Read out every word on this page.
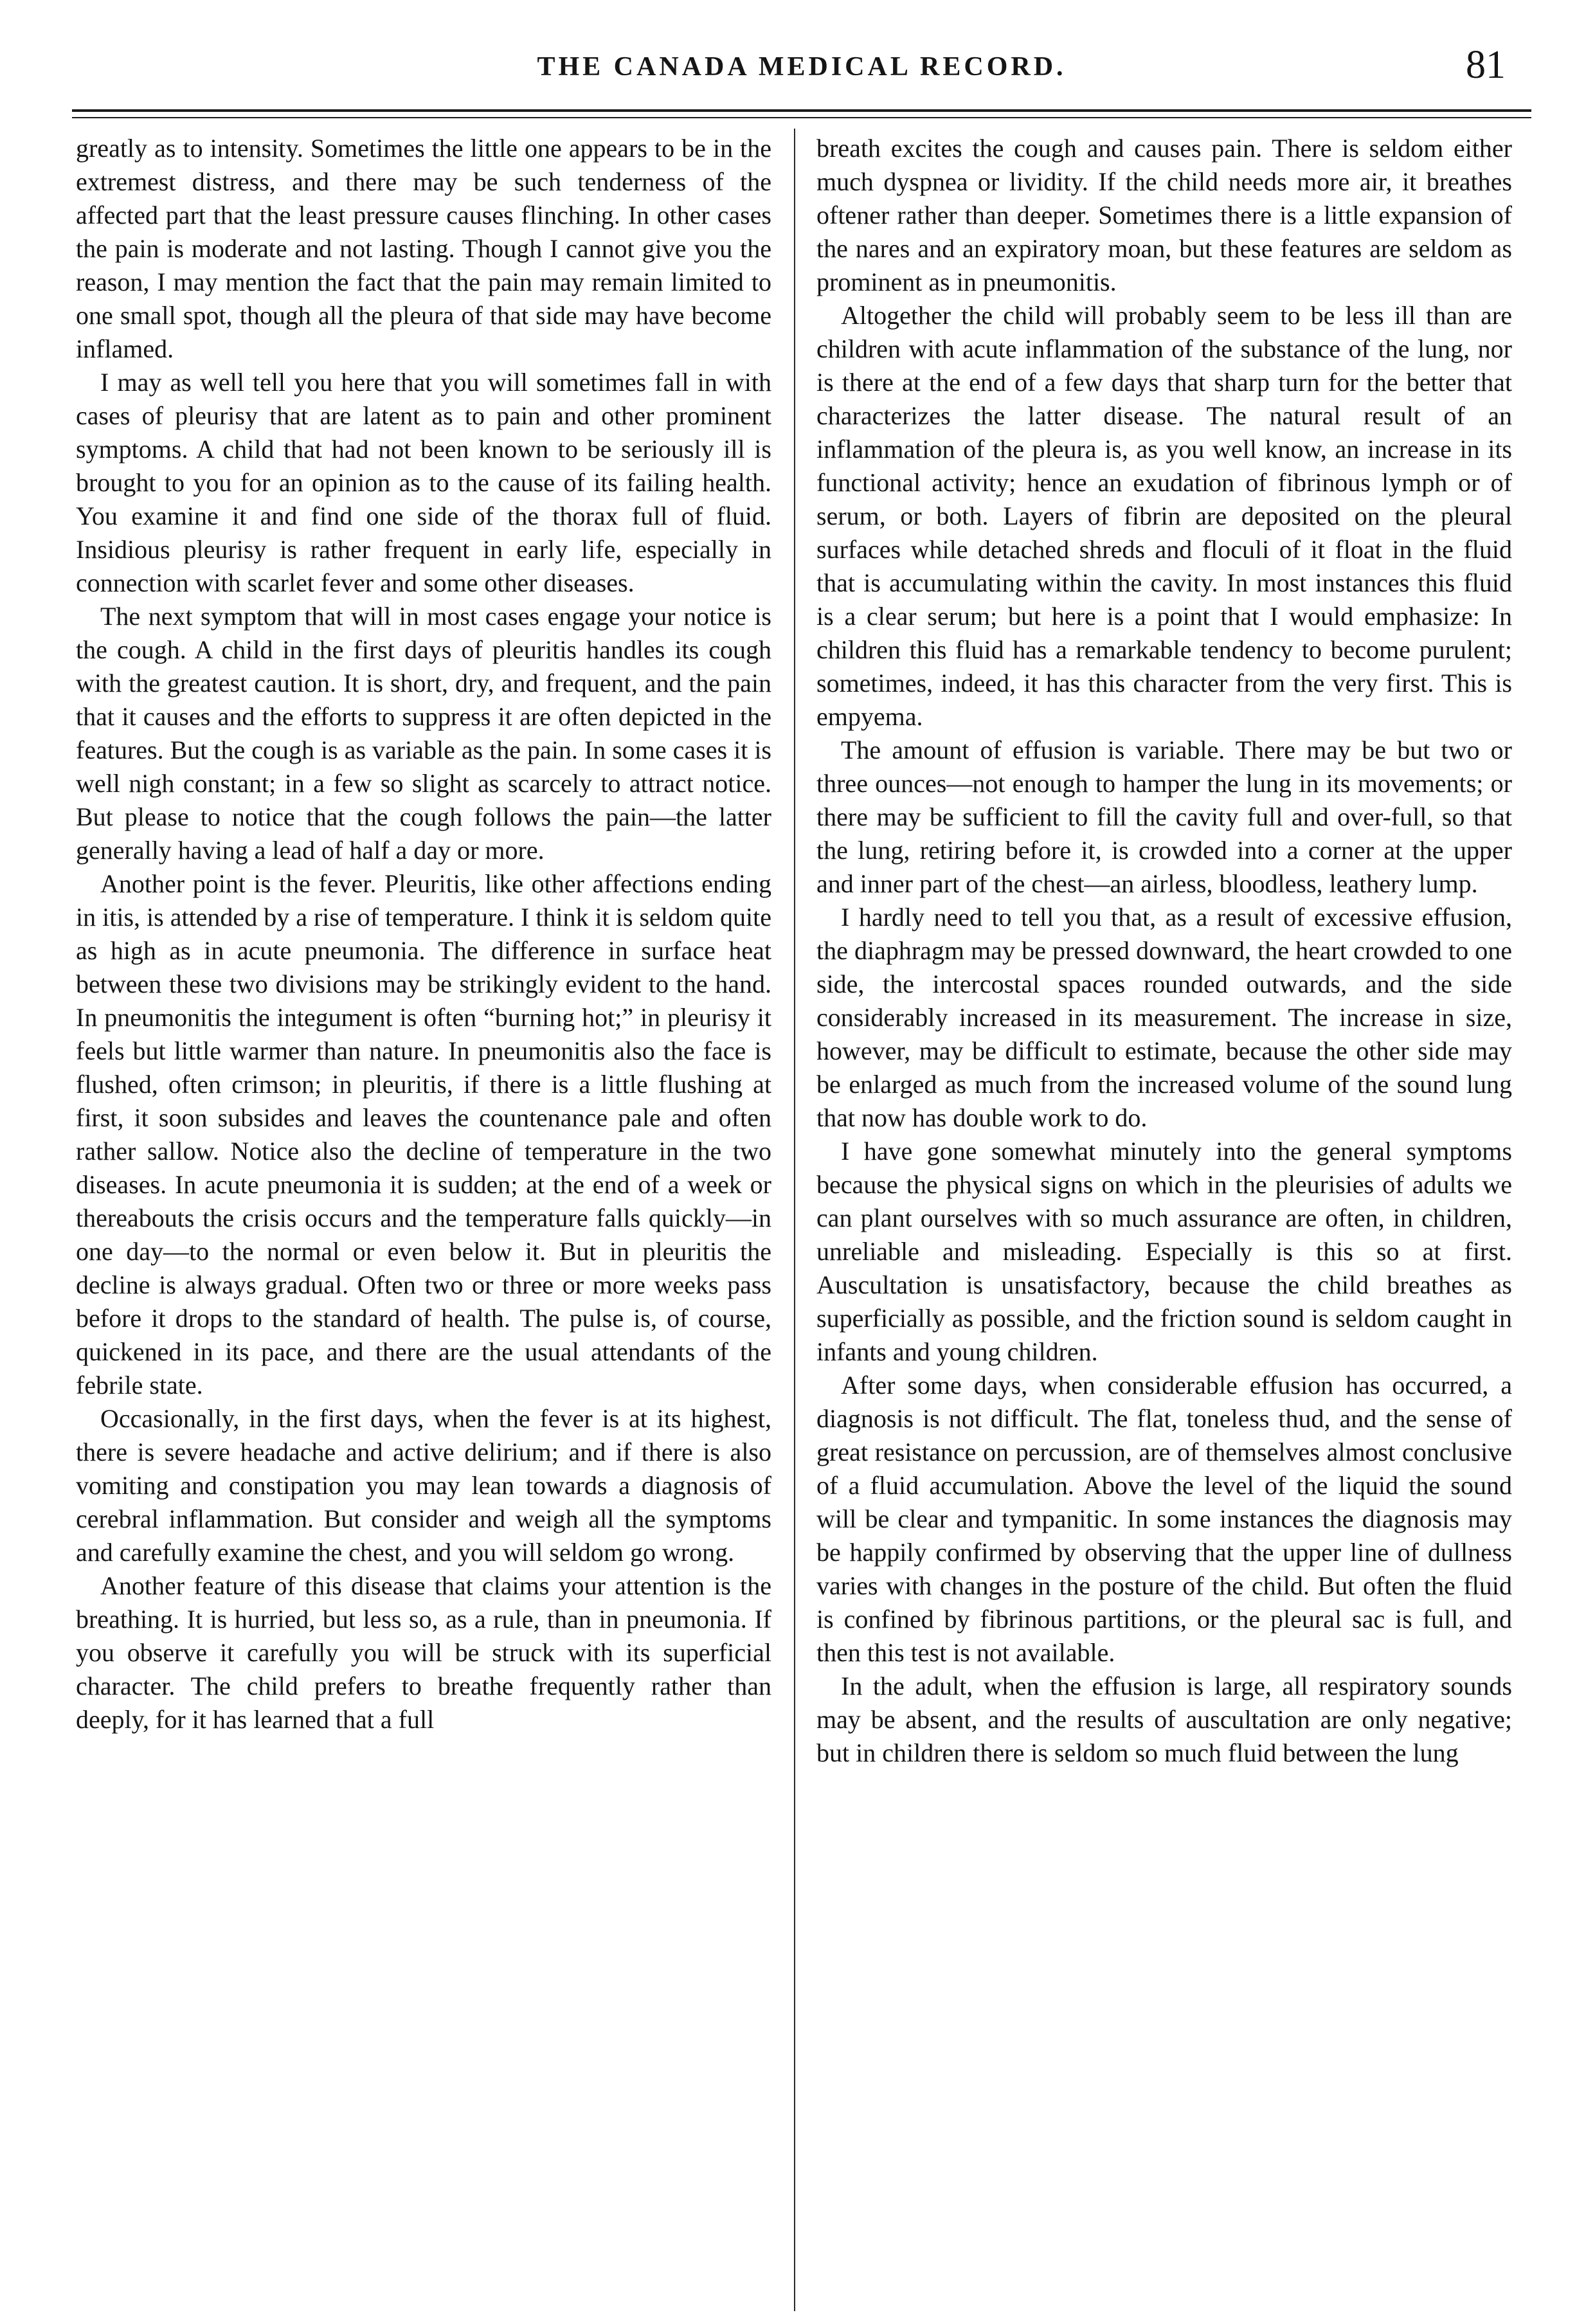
THE CANADA MEDICAL RECORD.	81

greatly as to intensity. Sometimes the little one appears to be in the extremest distress, and there may be such tenderness of the affected part that the least pressure causes flinching. In other cases the pain is moderate and not lasting. Though I cannot give you the reason, I may mention the fact that the pain may remain limited to one small spot, though all the pleura of that side may have become inflamed.

I may as well tell you here that you will sometimes fall in with cases of pleurisy that are latent as to pain and other prominent symptoms. A child that had not been known to be seriously ill is brought to you for an opinion as to the cause of its failing health. You examine it and find one side of the thorax full of fluid. Insidious pleurisy is rather frequent in early life, especially in connection with scarlet fever and some other diseases.

The next symptom that will in most cases engage your notice is the cough. A child in the first days of pleuritis handles its cough with the greatest caution. It is short, dry, and frequent, and the pain that it causes and the efforts to suppress it are often depicted in the features. But the cough is as variable as the pain. In some cases it is well nigh constant; in a few so slight as scarcely to attract notice. But please to notice that the cough follows the pain—the latter generally having a lead of half a day or more.

Another point is the fever. Pleuritis, like other affections ending in itis, is attended by a rise of temperature. I think it is seldom quite as high as in acute pneumonia. The difference in surface heat between these two divisions may be strikingly evident to the hand. In pneumonitis the integument is often “burning hot;” in pleurisy it feels but little warmer than nature. In pneumonitis also the face is flushed, often crimson; in pleuritis, if there is a little flushing at first, it soon subsides and leaves the countenance pale and often rather sallow. Notice also the decline of temperature in the two diseases. In acute pneumonia it is sudden; at the end of a week or thereabouts the crisis occurs and the temperature falls quickly—in one day—to the normal or even below it. But in pleuritis the decline is always gradual. Often two or three or more weeks pass before it drops to the standard of health. The pulse is, of course, quickened in its pace, and there are the usual attendants of the febrile state.

Occasionally, in the first days, when the fever is at its highest, there is severe headache and active delirium; and if there is also vomiting and constipation you may lean towards a diagnosis of cerebral inflammation. But consider and weigh all the symptoms and carefully examine the chest, and you will seldom go wrong.

Another feature of this disease that claims your attention is the breathing. It is hurried, but less so, as a rule, than in pneumonia. If you observe it carefully you will be struck with its superficial character. The child prefers to breathe frequently rather than deeply, for it has learned that a full

breath excites the cough and causes pain. There is seldom either much dyspnea or lividity. If the child needs more air, it breathes oftener rather than deeper. Sometimes there is a little expansion of the nares and an expiratory moan, but these features are seldom as prominent as in pneumonitis.

Altogether the child will probably seem to be less ill than are children with acute inflammation of the substance of the lung, nor is there at the end of a few days that sharp turn for the better that characterizes the latter disease. The natural result of an inflammation of the pleura is, as you well know, an increase in its functional activity; hence an exudation of fibrinous lymph or of serum, or both. Layers of fibrin are deposited on the pleural surfaces while detached shreds and floculi of it float in the fluid that is accumulating within the cavity. In most instances this fluid is a clear serum; but here is a point that I would emphasize: In children this fluid has a remarkable tendency to become purulent; sometimes, indeed, it has this character from the very first. This is empyema.

The amount of effusion is variable. There may be but two or three ounces—not enough to hamper the lung in its movements; or there may be sufficient to fill the cavity full and over-full, so that the lung, retiring before it, is crowded into a corner at the upper and inner part of the chest—an airless, bloodless, leathery lump.

I hardly need to tell you that, as a result of excessive effusion, the diaphragm may be pressed downward, the heart crowded to one side, the intercostal spaces rounded outwards, and the side considerably increased in its measurement. The increase in size, however, may be difficult to estimate, because the other side may be enlarged as much from the increased volume of the sound lung that now has double work to do.

I have gone somewhat minutely into the general symptoms because the physical signs on which in the pleurisies of adults we can plant ourselves with so much assurance are often, in children, unreliable and misleading. Especially is this so at first. Auscultation is unsatisfactory, because the child breathes as superficially as possible, and the friction sound is seldom caught in infants and young children.

After some days, when considerable effusion has occurred, a diagnosis is not difficult. The flat, toneless thud, and the sense of great resistance on percussion, are of themselves almost conclusive of a fluid accumulation. Above the level of the liquid the sound will be clear and tympanitic. In some instances the diagnosis may be happily confirmed by observing that the upper line of dullness varies with changes in the posture of the child. But often the fluid is confined by fibrinous partitions, or the pleural sac is full, and then this test is not available.

In the adult, when the effusion is large, all respiratory sounds may be absent, and the results of auscultation are only negative; but in children there is seldom so much fluid between the lung
